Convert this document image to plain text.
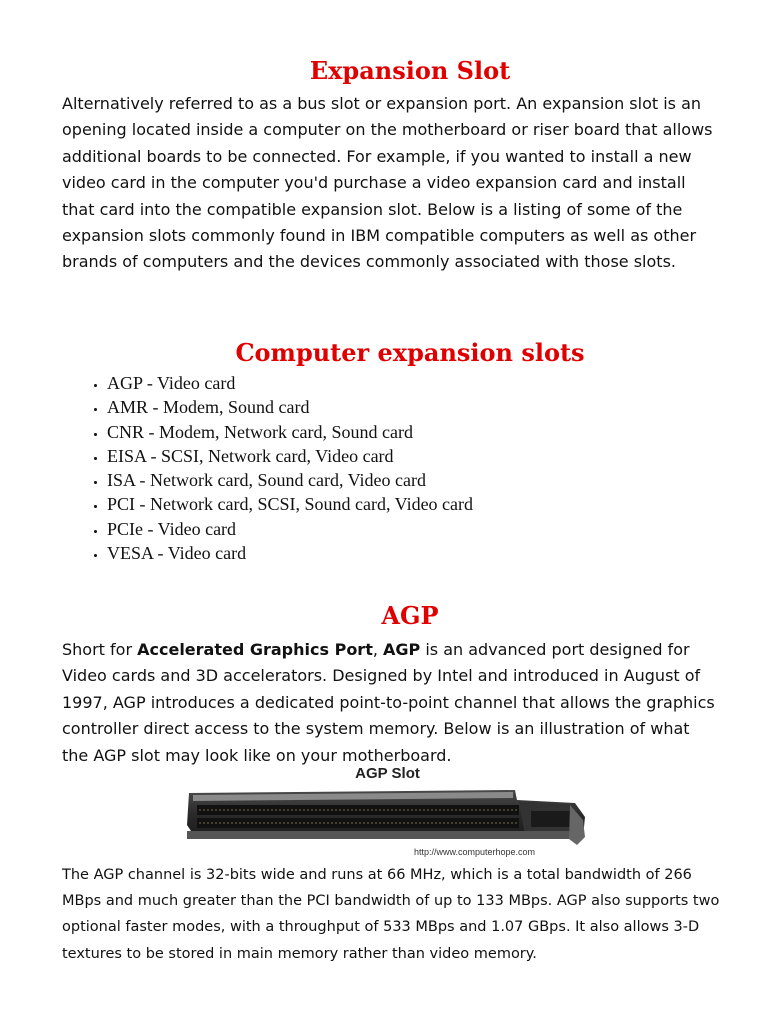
Expansion Slot
Alternatively referred to as a bus slot or expansion port. An expansion slot is an opening located inside a computer on the motherboard or riser board that allows additional boards to be connected. For example, if you wanted to install a new video card in the computer you'd purchase a video expansion card and install that card into the compatible expansion slot. Below is a listing of some of the expansion slots commonly found in IBM compatible computers as well as other brands of computers and the devices commonly associated with those slots.
Computer expansion slots
• AGP - Video card
• AMR - Modem, Sound card
• CNR - Modem, Network card, Sound card
• EISA - SCSI, Network card, Video card
• ISA - Network card, Sound card, Video card
• PCI - Network card, SCSI, Sound card, Video card
• PCIe - Video card
• VESA - Video card
AGP
Short for Accelerated Graphics Port, AGP is an advanced port designed for Video cards and 3D accelerators. Designed by Intel and introduced in August of 1997, AGP introduces a dedicated point-to-point channel that allows the graphics controller direct access to the system memory. Below is an illustration of what the AGP slot may look like on your motherboard.
AGP Slot
http://www.computerhope.com
The AGP channel is 32-bits wide and runs at 66 MHz, which is a total bandwidth of 266 MBps and much greater than the PCI bandwidth of up to 133 MBps. AGP also supports two optional faster modes, with a throughput of 533 MBps and 1.07 GBps. It also allows 3-D textures to be stored in main memory rather than video memory.
